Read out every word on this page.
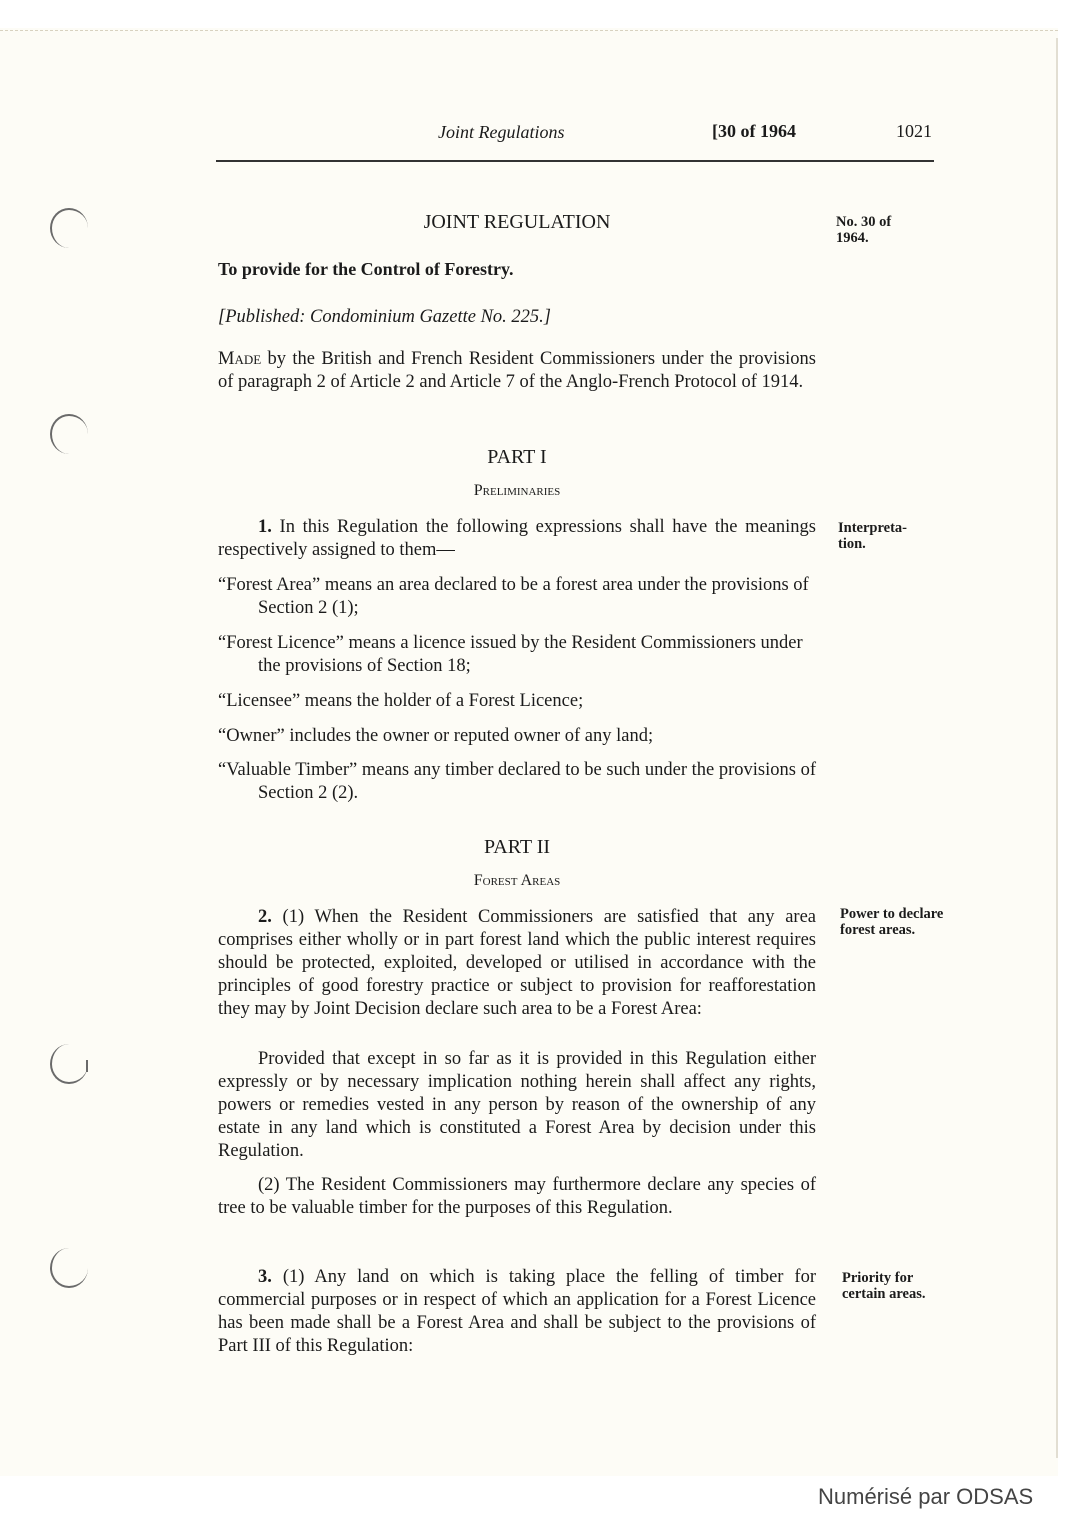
Joint Regulations	[30 of 1964	1021
JOINT REGULATION	No. 30 of 1964.
To provide for the Control of Forestry.
[Published: Condominium Gazette No. 225.]
Made by the British and French Resident Commissioners under the provisions of paragraph 2 of Article 2 and Article 7 of the Anglo-French Protocol of 1914.
PART I
Preliminaries
1. In this Regulation the following expressions shall have the meanings respectively assigned to them—
Interpreta-tion.
“Forest Area” means an area declared to be a forest area under the provisions of Section 2 (1);
“Forest Licence” means a licence issued by the Resident Commissioners under the provisions of Section 18;
“Licensee” means the holder of a Forest Licence;
“Owner” includes the owner or reputed owner of any land;
“Valuable Timber” means any timber declared to be such under the provisions of Section 2 (2).
PART II
Forest Areas
2. (1) When the Resident Commissioners are satisfied that any area comprises either wholly or in part forest land which the public interest requires should be protected, exploited, developed or utilised in accordance with the principles of good forestry practice or subject to provision for reafforestation they may by Joint Decision declare such area to be a Forest Area:
Power to declare forest areas.
Provided that except in so far as it is provided in this Regulation either expressly or by necessary implication nothing herein shall affect any rights, powers or remedies vested in any person by reason of the ownership of any estate in any land which is constituted a Forest Area by decision under this Regulation.
(2) The Resident Commissioners may furthermore declare any species of tree to be valuable timber for the purposes of this Regulation.
3. (1) Any land on which is taking place the felling of timber for commercial purposes or in respect of which an application for a Forest Licence has been made shall be a Forest Area and shall be subject to the provisions of Part III of this Regulation:
Priority for certain areas.
Numérisé par ODSAS
